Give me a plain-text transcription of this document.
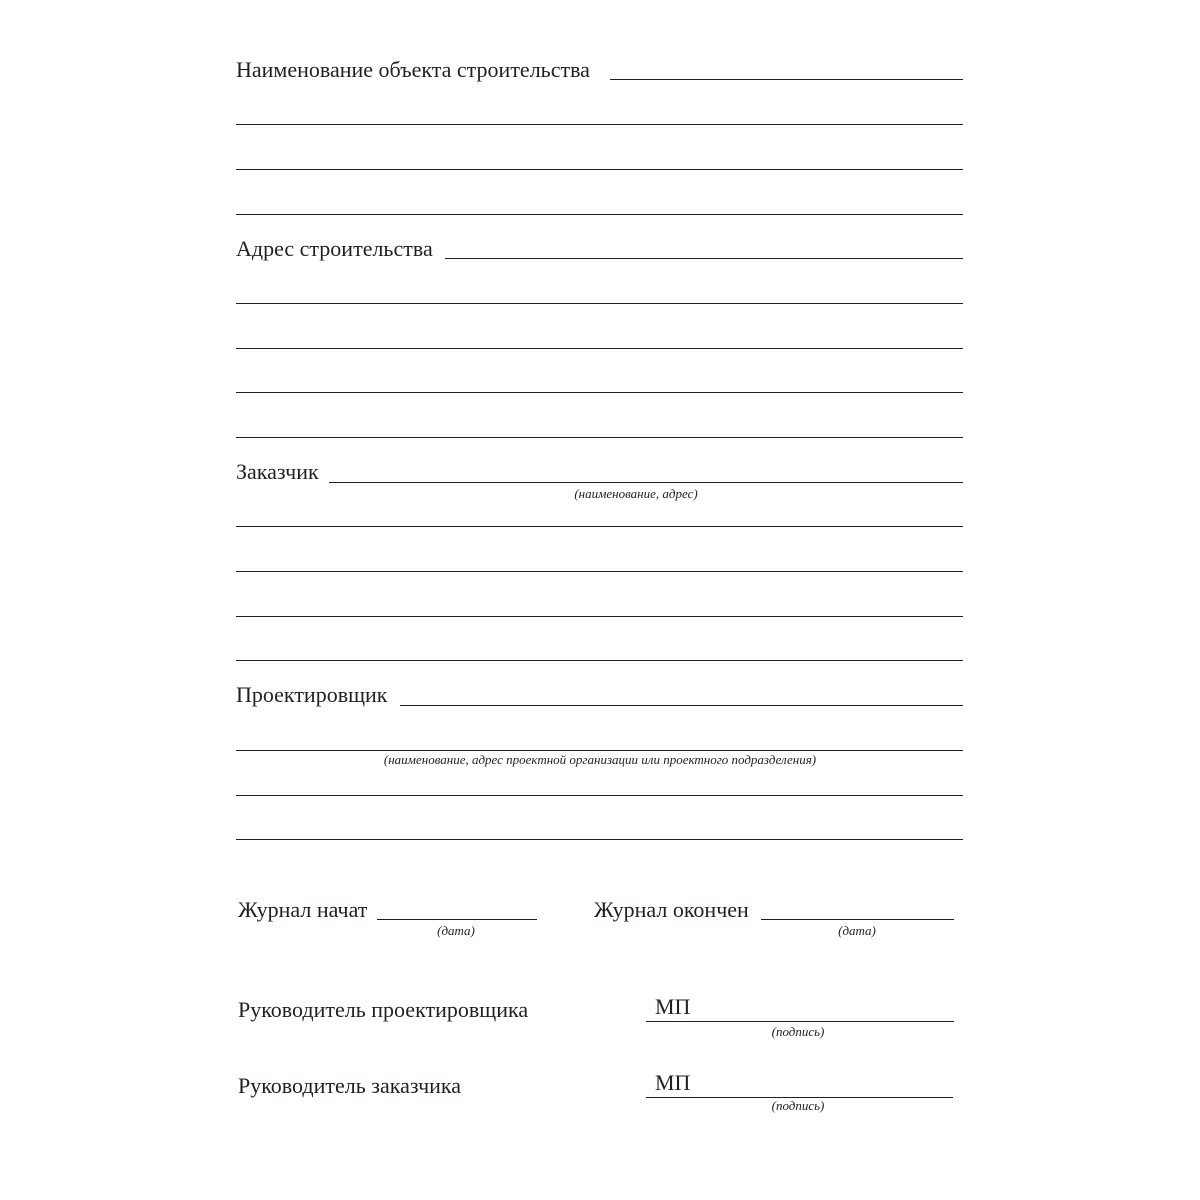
Наименование объекта строительства
Адрес строительства
Заказчик
(наименование, адрес)
Проектировщик
(наименование, адрес проектной организации или проектного подразделения)
Журнал начат
(дата)
Журнал окончен
(дата)
Руководитель проектировщика	МП
(подпись)
Руководитель заказчика	МП
(подпись)
